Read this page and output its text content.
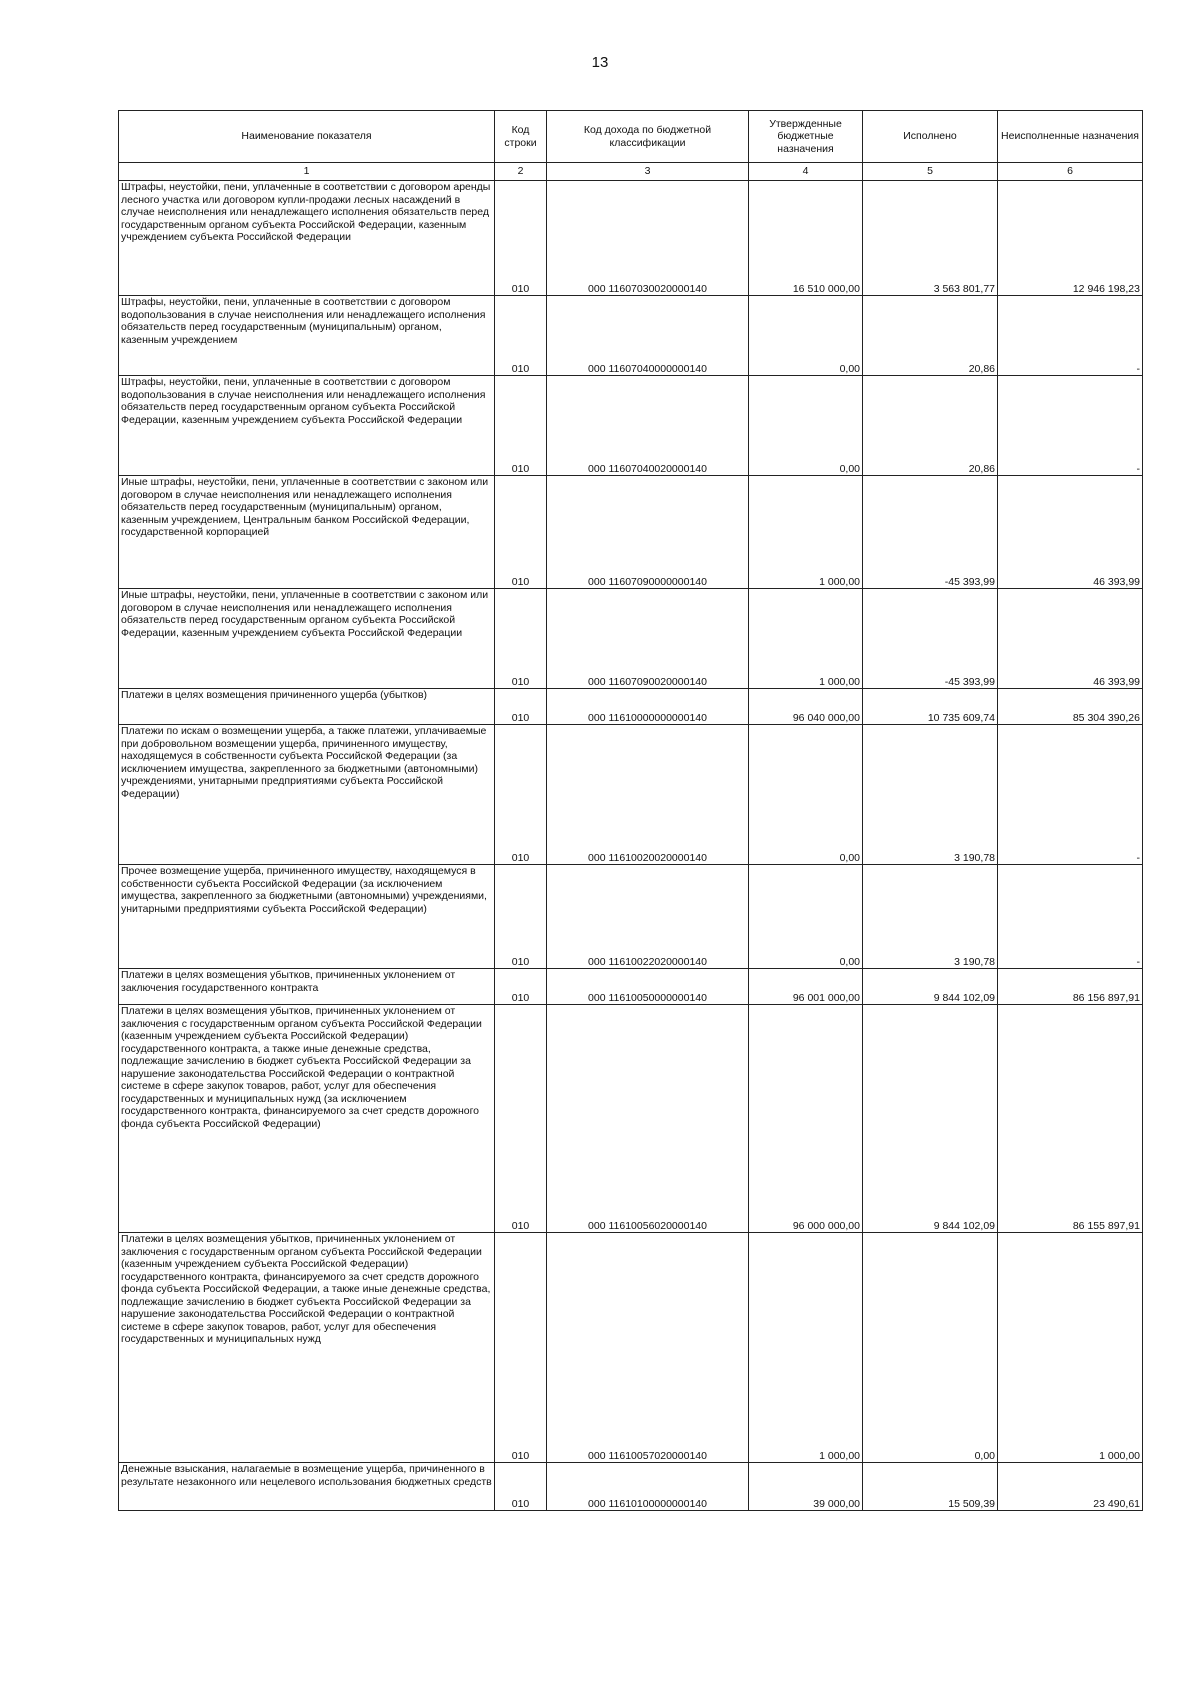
13
Наименование показателя	Код строки	Код дохода по бюджетной классификации	Утвержденные бюджетные назначения	Исполнено	Неисполненные назначения
1	2	3	4	5	6
Штрафы, неустойки, пени, уплаченные в соответствии с договором аренды лесного участка или договором купли-продажи лесных насаждений в случае неисполнения или ненадлежащего исполнения обязательств перед государственным органом субъекта Российской Федерации, казенным учреждением субъекта Российской Федерации	010	000 11607030020000140	16 510 000,00	3 563 801,77	12 946 198,23
Штрафы, неустойки, пени, уплаченные в соответствии с договором водопользования в случае неисполнения или ненадлежащего исполнения обязательств перед государственным (муниципальным) органом, казенным учреждением	010	000 11607040000000140	0,00	20,86	-
Штрафы, неустойки, пени, уплаченные в соответствии с договором водопользования в случае неисполнения или ненадлежащего исполнения обязательств перед государственным органом субъекта Российской Федерации, казенным учреждением субъекта Российской Федерации	010	000 11607040020000140	0,00	20,86	-
Иные штрафы, неустойки, пени, уплаченные в соответствии с законом или договором в случае неисполнения или ненадлежащего исполнения обязательств перед государственным (муниципальным) органом, казенным учреждением, Центральным банком Российской Федерации, государственной корпорацией	010	000 11607090000000140	1 000,00	-45 393,99	46 393,99
Иные штрафы, неустойки, пени, уплаченные в соответствии с законом или договором в случае неисполнения или ненадлежащего исполнения обязательств перед государственным органом субъекта Российской Федерации, казенным учреждением субъекта Российской Федерации	010	000 11607090020000140	1 000,00	-45 393,99	46 393,99
Платежи в целях возмещения причиненного ущерба (убытков)	010	000 11610000000000140	96 040 000,00	10 735 609,74	85 304 390,26
Платежи по искам о возмещении ущерба, а также платежи, уплачиваемые при добровольном возмещении ущерба, причиненного имуществу, находящемуся в собственности субъекта Российской Федерации (за исключением имущества, закрепленного за бюджетными (автономными) учреждениями, унитарными предприятиями субъекта Российской Федерации)	010	000 11610020020000140	0,00	3 190,78	-
Прочее возмещение ущерба, причиненного имуществу, находящемуся в собственности субъекта Российской Федерации (за исключением имущества, закрепленного за бюджетными (автономными) учреждениями, унитарными предприятиями субъекта Российской Федерации)	010	000 11610022020000140	0,00	3 190,78	-
Платежи в целях возмещения убытков, причиненных уклонением от заключения государственного контракта	010	000 11610050000000140	96 001 000,00	9 844 102,09	86 156 897,91
Платежи в целях возмещения убытков, причиненных уклонением от заключения с государственным органом субъекта Российской Федерации (казенным учреждением субъекта Российской Федерации) государственного контракта, а также иные денежные средства, подлежащие зачислению в бюджет субъекта Российской Федерации за нарушение законодательства Российской Федерации о контрактной системе в сфере закупок товаров, работ, услуг для обеспечения государственных и муниципальных нужд (за исключением государственного контракта, финансируемого за счет средств дорожного фонда субъекта Российской Федерации)	010	000 11610056020000140	96 000 000,00	9 844 102,09	86 155 897,91
Платежи в целях возмещения убытков, причиненных уклонением от заключения с государственным органом субъекта Российской Федерации (казенным учреждением субъекта Российской Федерации) государственного контракта, финансируемого за счет средств дорожного фонда субъекта Российской Федерации, а также иные денежные средства, подлежащие зачислению в бюджет субъекта Российской Федерации за нарушение законодательства Российской Федерации о контрактной системе в сфере закупок товаров, работ, услуг для обеспечения государственных и муниципальных нужд	010	000 11610057020000140	1 000,00	0,00	1 000,00
Денежные взыскания, налагаемые в возмещение ущерба, причиненного в результате незаконного или нецелевого использования бюджетных средств	010	000 11610100000000140	39 000,00	15 509,39	23 490,61
